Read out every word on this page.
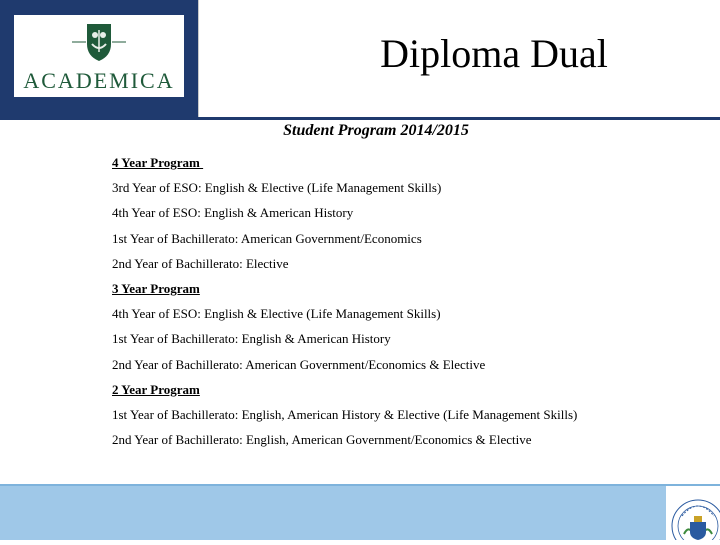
ACADEMICA
Diploma Dual
Student Program 2014/2015
4 Year Program
3rd Year of ESO: English & Elective (Life Management Skills)
4th Year of ESO: English & American History
1st Year of Bachillerato: American Government/Economics
2nd Year of Bachillerato: Elective
3 Year Program
4th Year of ESO: English & Elective (Life Management Skills)
1st Year of Bachillerato: English & American History
2nd Year of Bachillerato: American Government/Economics & Elective
2 Year Program
1st Year of Bachillerato: English, American History & Elective (Life Management Skills)
2nd Year of Bachillerato: English, American Government/Economics & Elective
